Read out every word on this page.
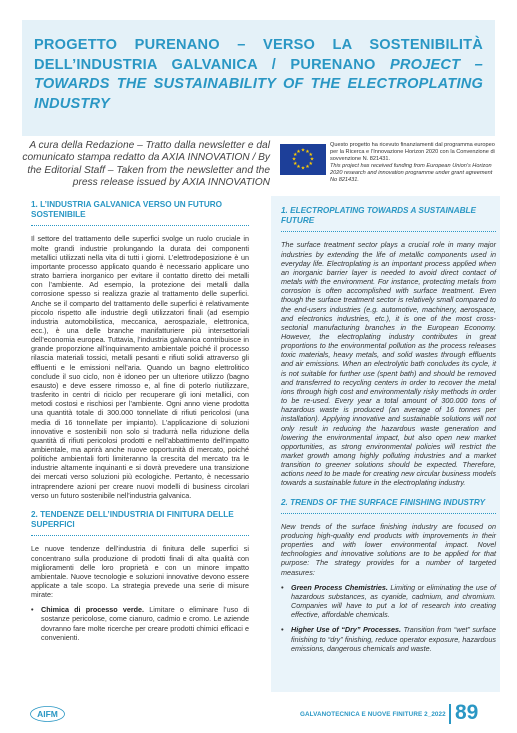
PROGETTO PURENANO – VERSO LA SOSTENIBILITÀ DELL’INDUSTRIA GALVANICA / PURENANO PROJECT – TOWARDS THE SUSTAINABILITY OF THE ELECTROPLATING INDUSTRY

A cura della Redazione – Tratto dalla newsletter e dal comunicato stampa redatto da AXIA INNOVATION / By the Editorial Staff – Taken from the newsletter and the press release issued by AXIA INNOVATION

★ ★
★
★
★
★
★
★
★
★
★
★

Questo progetto ha ricevuto finanziamenti dal programma europeo per la Ricerca e l’Innovazione Horizon 2020 con la Convenzione di sovvenzione N. 821431.
This project has received funding from European Union’s Horizon 2020 research and innovation programme under grant agreement No 821431.

1. L’INDUSTRIA GALVANICA VERSO UN FUTURO SOSTENIBILE

Il settore del trattamento delle superfici svolge un ruolo cruciale in molte grandi industrie prolungando la durata dei componenti metallici utilizzati nella vita di tutti i giorni. L’elettrodeposizione è un importante processo applicato quando è necessario applicare uno strato barriera inorganico per evitare il contatto diretto dei metalli con l’ambiente. Ad esempio, la protezione dei metalli dalla corrosione spesso si realizza grazie al trattamento delle superfici. Anche se il comparto del trattamento delle superfici è relativamente piccolo rispetto alle industrie degli utilizzatori finali (ad esempio industria automobilistica, meccanica, aerospaziale, elettronica, ecc.), è una delle branche manifatturiere più intersettoriali dell’economia europea. Tuttavia, l’industria galvanica contribuisce in grande proporzione all’inquinamento ambientale poiché il processo rilascia materiali tossici, metalli pesanti e rifiuti solidi attraverso gli effluenti e le emissioni nell’aria. Quando un bagno elettrolitico conclude il suo ciclo, non è idoneo per un ulteriore utilizzo (bagno esausto) e deve essere rimosso e, al fine di poterlo riutilizzare, trasferito in centri di riciclo per recuperare gli ioni metallici, con metodi costosi e rischiosi per l’ambiente. Ogni anno viene prodotta una quantità totale di 300.000 tonnellate di rifiuti pericolosi (una media di 16 tonnellate per impianto). L’applicazione di soluzioni innovative e sostenibili non solo si tradurrà nella riduzione della quantità di rifiuti pericolosi prodotti e nell’abbattimento dell’impatto ambientale, ma aprirà anche nuove opportunità di mercato, poiché politiche ambientali forti limiteranno la crescita del mercato tra le industrie altamente inquinanti e si dovrà prevedere una transizione dei mercati verso soluzioni più ecologiche. Pertanto, è necessario intraprendere azioni per creare nuovi modelli di business circolari verso un futuro sostenibile nell’industria galvanica.

2. TENDENZE DELL’INDUSTRIA DI FINITURA DELLE SUPERFICI

Le nuove tendenze dell’industria di finitura delle superfici si concentrano sulla produzione di prodotti finali di alta qualità con miglioramenti delle loro proprietà e con un minore impatto ambientale. Nuove tecnologie e soluzioni innovative devono essere applicate a tale scopo. La strategia prevede una serie di misure mirate:

• Chimica di processo verde. Limitare o eliminare l’uso di sostanze pericolose, come cianuro, cadmio e cromo. Le aziende dovranno fare molte ricerche per creare prodotti chimici efficaci e convenienti.
1. ELECTROPLATING TOWARDS A SUSTAINABLE FUTURE

The surface treatment sector plays a crucial role in many major industries by extending the life of metallic components used in everyday life. Electroplating is an important process applied when an inorganic barrier layer is needed to avoid direct contact of metals with the environment. For instance, protecting metals from corrosion is often accomplished with surface treatment. Even though the surface treatment sector is relatively small compared to the end-users industries (e.g. automotive, machinery, aerospace, and electronics industries, etc.), it is one of the most cross-sectorial manufacturing branches in the European Economy. However, the electroplating industry contributes in great proportions to the environmental pollution as the process releases toxic materials, heavy metals, and solid wastes through effluents and air emissions. When an electrolytic bath concludes its cycle, it is not suitable for further use (spent bath) and should be removed and transferred to recycling centers in order to recover the metal ions through high cost and environmentally risky methods in order to be re-used. Every year a total amount of 300.000 tons of hazardous waste is produced (an average of 16 tonnes per installation). Applying innovative and sustainable solutions will not only result in reducing the hazardous waste generation and lowering the environmental impact, but also open new market opportunities, as strong environmental policies will restrict the market growth among highly polluting industries and a market transition to greener solutions should be expected. Therefore, actions need to be made for creating new circular business models towards a sustainable future in the electroplating industry.

2. TRENDS OF THE SURFACE FINISHING INDUSTRY

New trends of the surface finishing industry are focused on producing high-quality end products with improvements in their properties and with lower environmental impact. Novel technologies and innovative solutions are to be applied for that purpose: The strategy provides for a number of targeted measures:

• Green Process Chemistries. Limiting or eliminating the use of hazardous substances, as cyanide, cadmium, and chromium. Companies will have to put a lot of research into creating effective, affordable chemicals.
• Higher Use of “Dry” Processes. Transition from “wet” surface finishing to “dry” finishing, reduce operator exposure, hazardous emissions, dangerous chemicals and waste.
AIFM	GALVANOTECNICA E NUOVE FINITURE 2_2022 89
